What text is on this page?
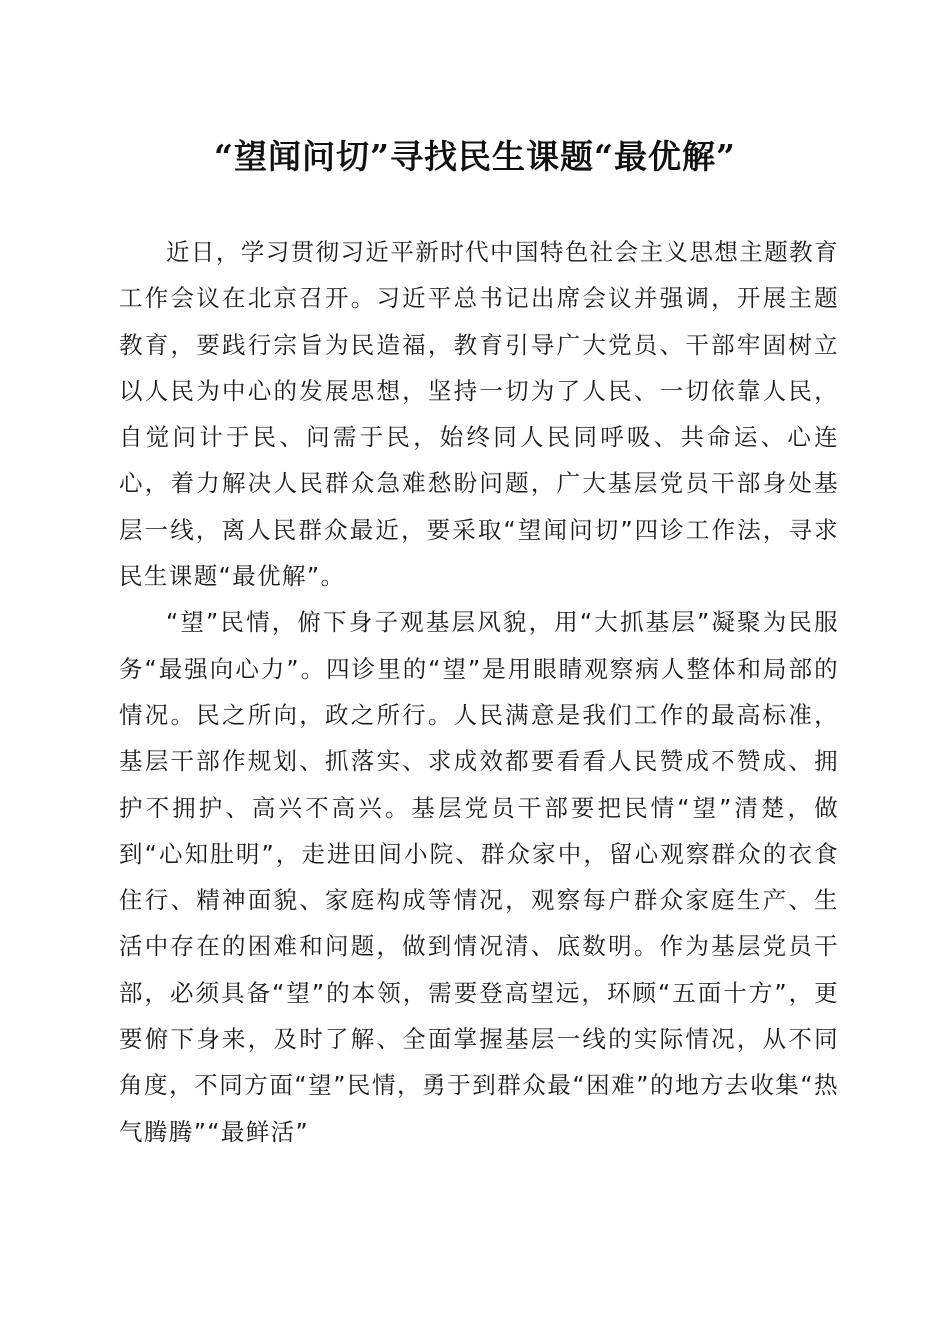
“望闻问切”寻找民生课题“最优解”

近日，学习贯彻习近平新时代中国特色社会主义思想主题教育工作会议在北京召开。习近平总书记出席会议并强调，开展主题教育，要践行宗旨为民造福，教育引导广大党员、干部牢固树立以人民为中心的发展思想，坚持一切为了人民、一切依靠人民，自觉问计于民、问需于民，始终同人民同呼吸、共命运、心连心，着力解决人民群众急难愁盼问题，广大基层党员干部身处基层一线，离人民群众最近，要采取“望闻问切”四诊工作法，寻求民生课题“最优解”。

“望”民情，俯下身子观基层风貌，用“大抓基层”凝聚为民服务“最强向心力”。四诊里的“望”是用眼睛观察病人整体和局部的情况。民之所向，政之所行。人民满意是我们工作的最高标准，基层干部作规划、抓落实、求成效都要看看人民赞成不赞成、拥护不拥护、高兴不高兴。基层党员干部要把民情“望”清楚，做到“心知肚明”，走进田间小院、群众家中，留心观察群众的衣食住行、精神面貌、家庭构成等情况，观察每户群众家庭生产、生活中存在的困难和问题，做到情况清、底数明。作为基层党员干部，必须具备“望”的本领，需要登高望远，环顾“五面十方”，更要俯下身来，及时了解、全面掌握基层一线的实际情况，从不同角度，不同方面“望”民情，勇于到群众最“困难”的地方去收集“热气腾腾”“最鲜活”
